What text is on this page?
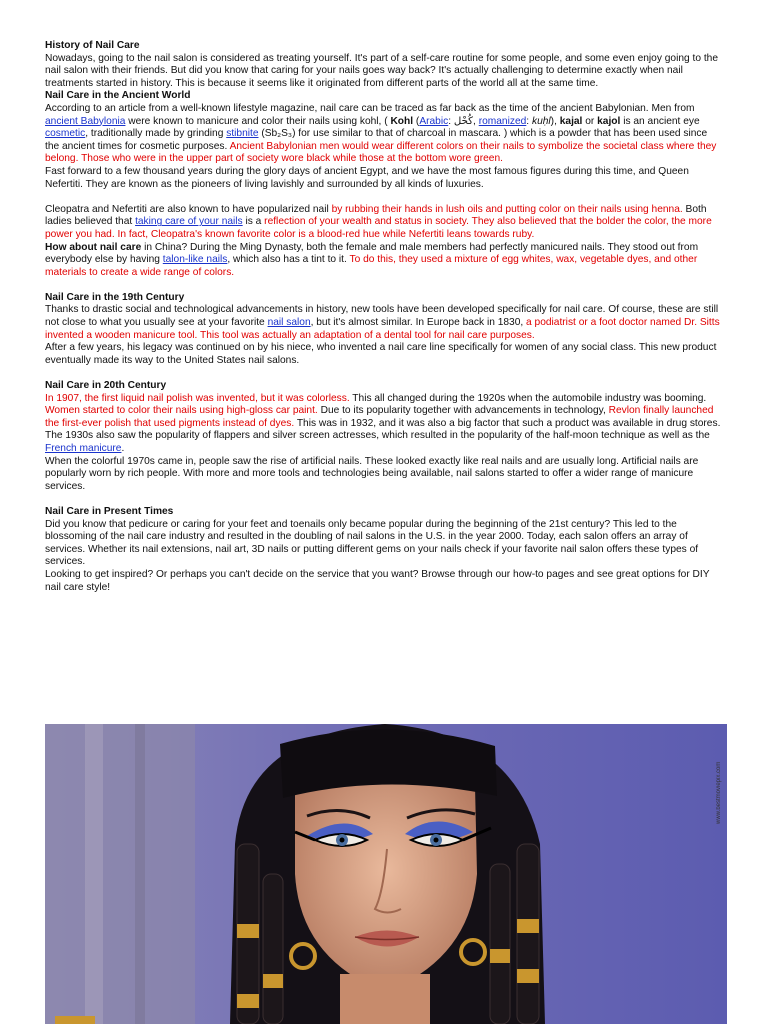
History of Nail Care

Nowadays, going to the nail salon is considered as treating yourself. It's part of a self-care routine for some people, and some even enjoy going to the nail salon with their friends. But did you know that caring for your nails goes way back? It's actually challenging to determine exactly when nail treatments started in history. This is because it seems like it originated from different parts of the world all at the same time.

Nail Care in the Ancient World

According to an article from a well-known lifestyle magazine, nail care can be traced as far back as the time of the ancient Babylonian. Men from ancient Babylonia were known to manicure and color their nails using kohl, ( Kohl (Arabic: كُحْل, romanized: kuḥl), kajal or kajol is an ancient eye cosmetic, traditionally made by grinding stibnite (Sb₂S₃) for use similar to that of charcoal in mascara. ) which is a powder that has been used since the ancient times for cosmetic purposes. Ancient Babylonian men would wear different colors on their nails to symbolize the societal class where they belong. Those who were in the upper part of society wore black while those at the bottom wore green.

Fast forward to a few thousand years during the glory days of ancient Egypt, and we have the most famous figures during this time, and Queen Nefertiti. They are known as the pioneers of living lavishly and surrounded by all kinds of luxuries.

Cleopatra and Nefertiti are also known to have popularized nail by rubbing their hands in lush oils and putting color on their nails using henna. Both ladies believed that taking care of your nails is a reflection of your wealth and status in society. They also believed that the bolder the color, the more power you had. In fact, Cleopatra's known favorite color is a blood-red hue while Nefertiti leans towards ruby.

How about nail care in China? During the Ming Dynasty, both the female and male members had perfectly manicured nails. They stood out from everybody else by having talon-like nails, which also has a tint to it. To do this, they used a mixture of egg whites, wax, vegetable dyes, and other materials to create a wide range of colors.

Nail Care in the 19th Century

Thanks to drastic social and technological advancements in history, new tools have been developed specifically for nail care. Of course, these are still not close to what you usually see at your favorite nail salon, but it's almost similar. In Europe back in 1830, a podiatrist or a foot doctor named Dr. Sitts invented a wooden manicure tool. This tool was actually an adaptation of a dental tool for nail care purposes.

After a few years, his legacy was continued on by his niece, who invented a nail care line specifically for women of any social class. This new product eventually made its way to the United States nail salons.

Nail Care in 20th Century

In 1907, the first liquid nail polish was invented, but it was colorless. This all changed during the 1920s when the automobile industry was booming. Women started to color their nails using high-gloss car paint. Due to its popularity together with advancements in technology, Revlon finally launched the first-ever polish that used pigments instead of dyes. This was in 1932, and it was also a big factor that such a product was available in drug stores. The 1930s also saw the popularity of flappers and silver screen actresses, which resulted in the popularity of the half-moon technique as well as the French manicure.

When the colorful 1970s came in, people saw the rise of artificial nails. These looked exactly like real nails and are usually long. Artificial nails are popularly worn by rich people. With more and more tools and technologies being available, nail salons started to offer a wider range of manicure services.

Nail Care in Present Times

Did you know that pedicure or caring for your feet and toenails only became popular during the beginning of the 21st century? This led to the blossoming of the nail care industry and resulted in the doubling of nail salons in the U.S. in the year 2000. Today, each salon offers an array of services. Whether its nail extensions, nail art, 3D nails or putting different gems on your nails check if your favorite nail salon offers these types of services.

Looking to get inspired? Or perhaps you can't decide on the service that you want? Browse through our how-to pages and see great options for DIY nail care style!

www.bestmoviepix.com
